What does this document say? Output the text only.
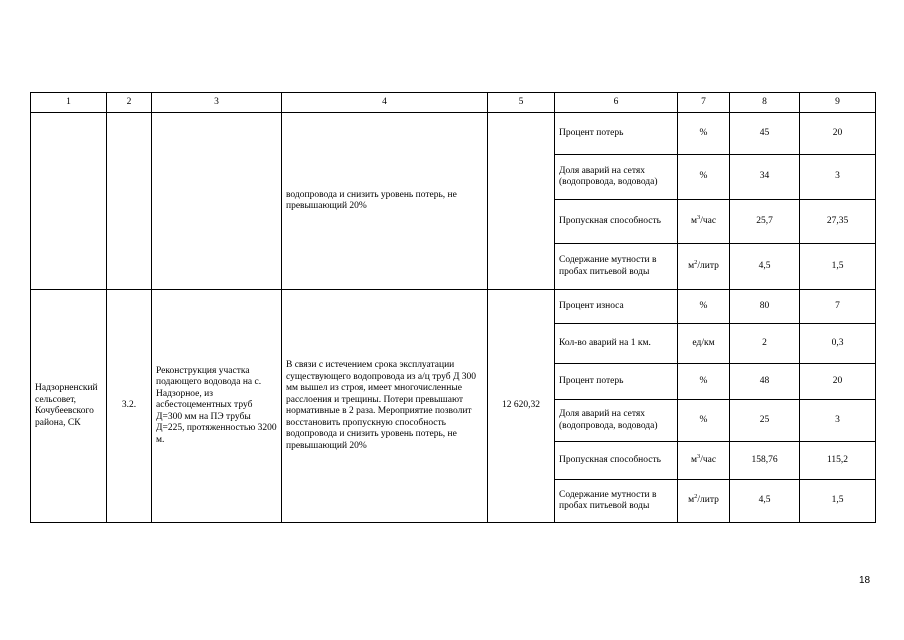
1	2	3	4	5	6	7	8	9
			водопровода и снизить уровень потерь, не превышающий 20%		Процент потерь	%	45	20
					Доля аварий на сетях (водопровода, водовода)	%	34	3
					Пропускная способность	$м^3$/час	25,7	27,35
					Содержание мутности в пробах питьевой воды	$м^2$/литр	4,5	1,5
Надзорненский сельсовет, Кочубеевского района, СК	3.2.	Реконструкция участка подающего водовода на с. Надзорное, из асбестоцементных труб Д=300 мм на ПЭ трубы Д=225, протяженностью 3200 м.	В связи с истечением срока эксплуатации существующего водопровода из а/ц труб Д 300 мм вышел из строя, имеет многочисленные расслоения и трещины. Потери превышают нормативные в 2 раза. Мероприятие позволит восстановить пропускную способность водопровода и снизить уровень потерь, не превышающий 20%	12 620,32	Процент износа	%	80	7
					Кол-во аварий на 1 км.	ед/км	2	0,3
					Процент потерь	%	48	20
					Доля аварий на сетях (водопровода, водовода)	%	25	3
					Пропускная способность	$м^3$/час	158,76	115,2
					Содержание мутности в пробах питьевой воды	$м^2$/литр	4,5	1,5
18
